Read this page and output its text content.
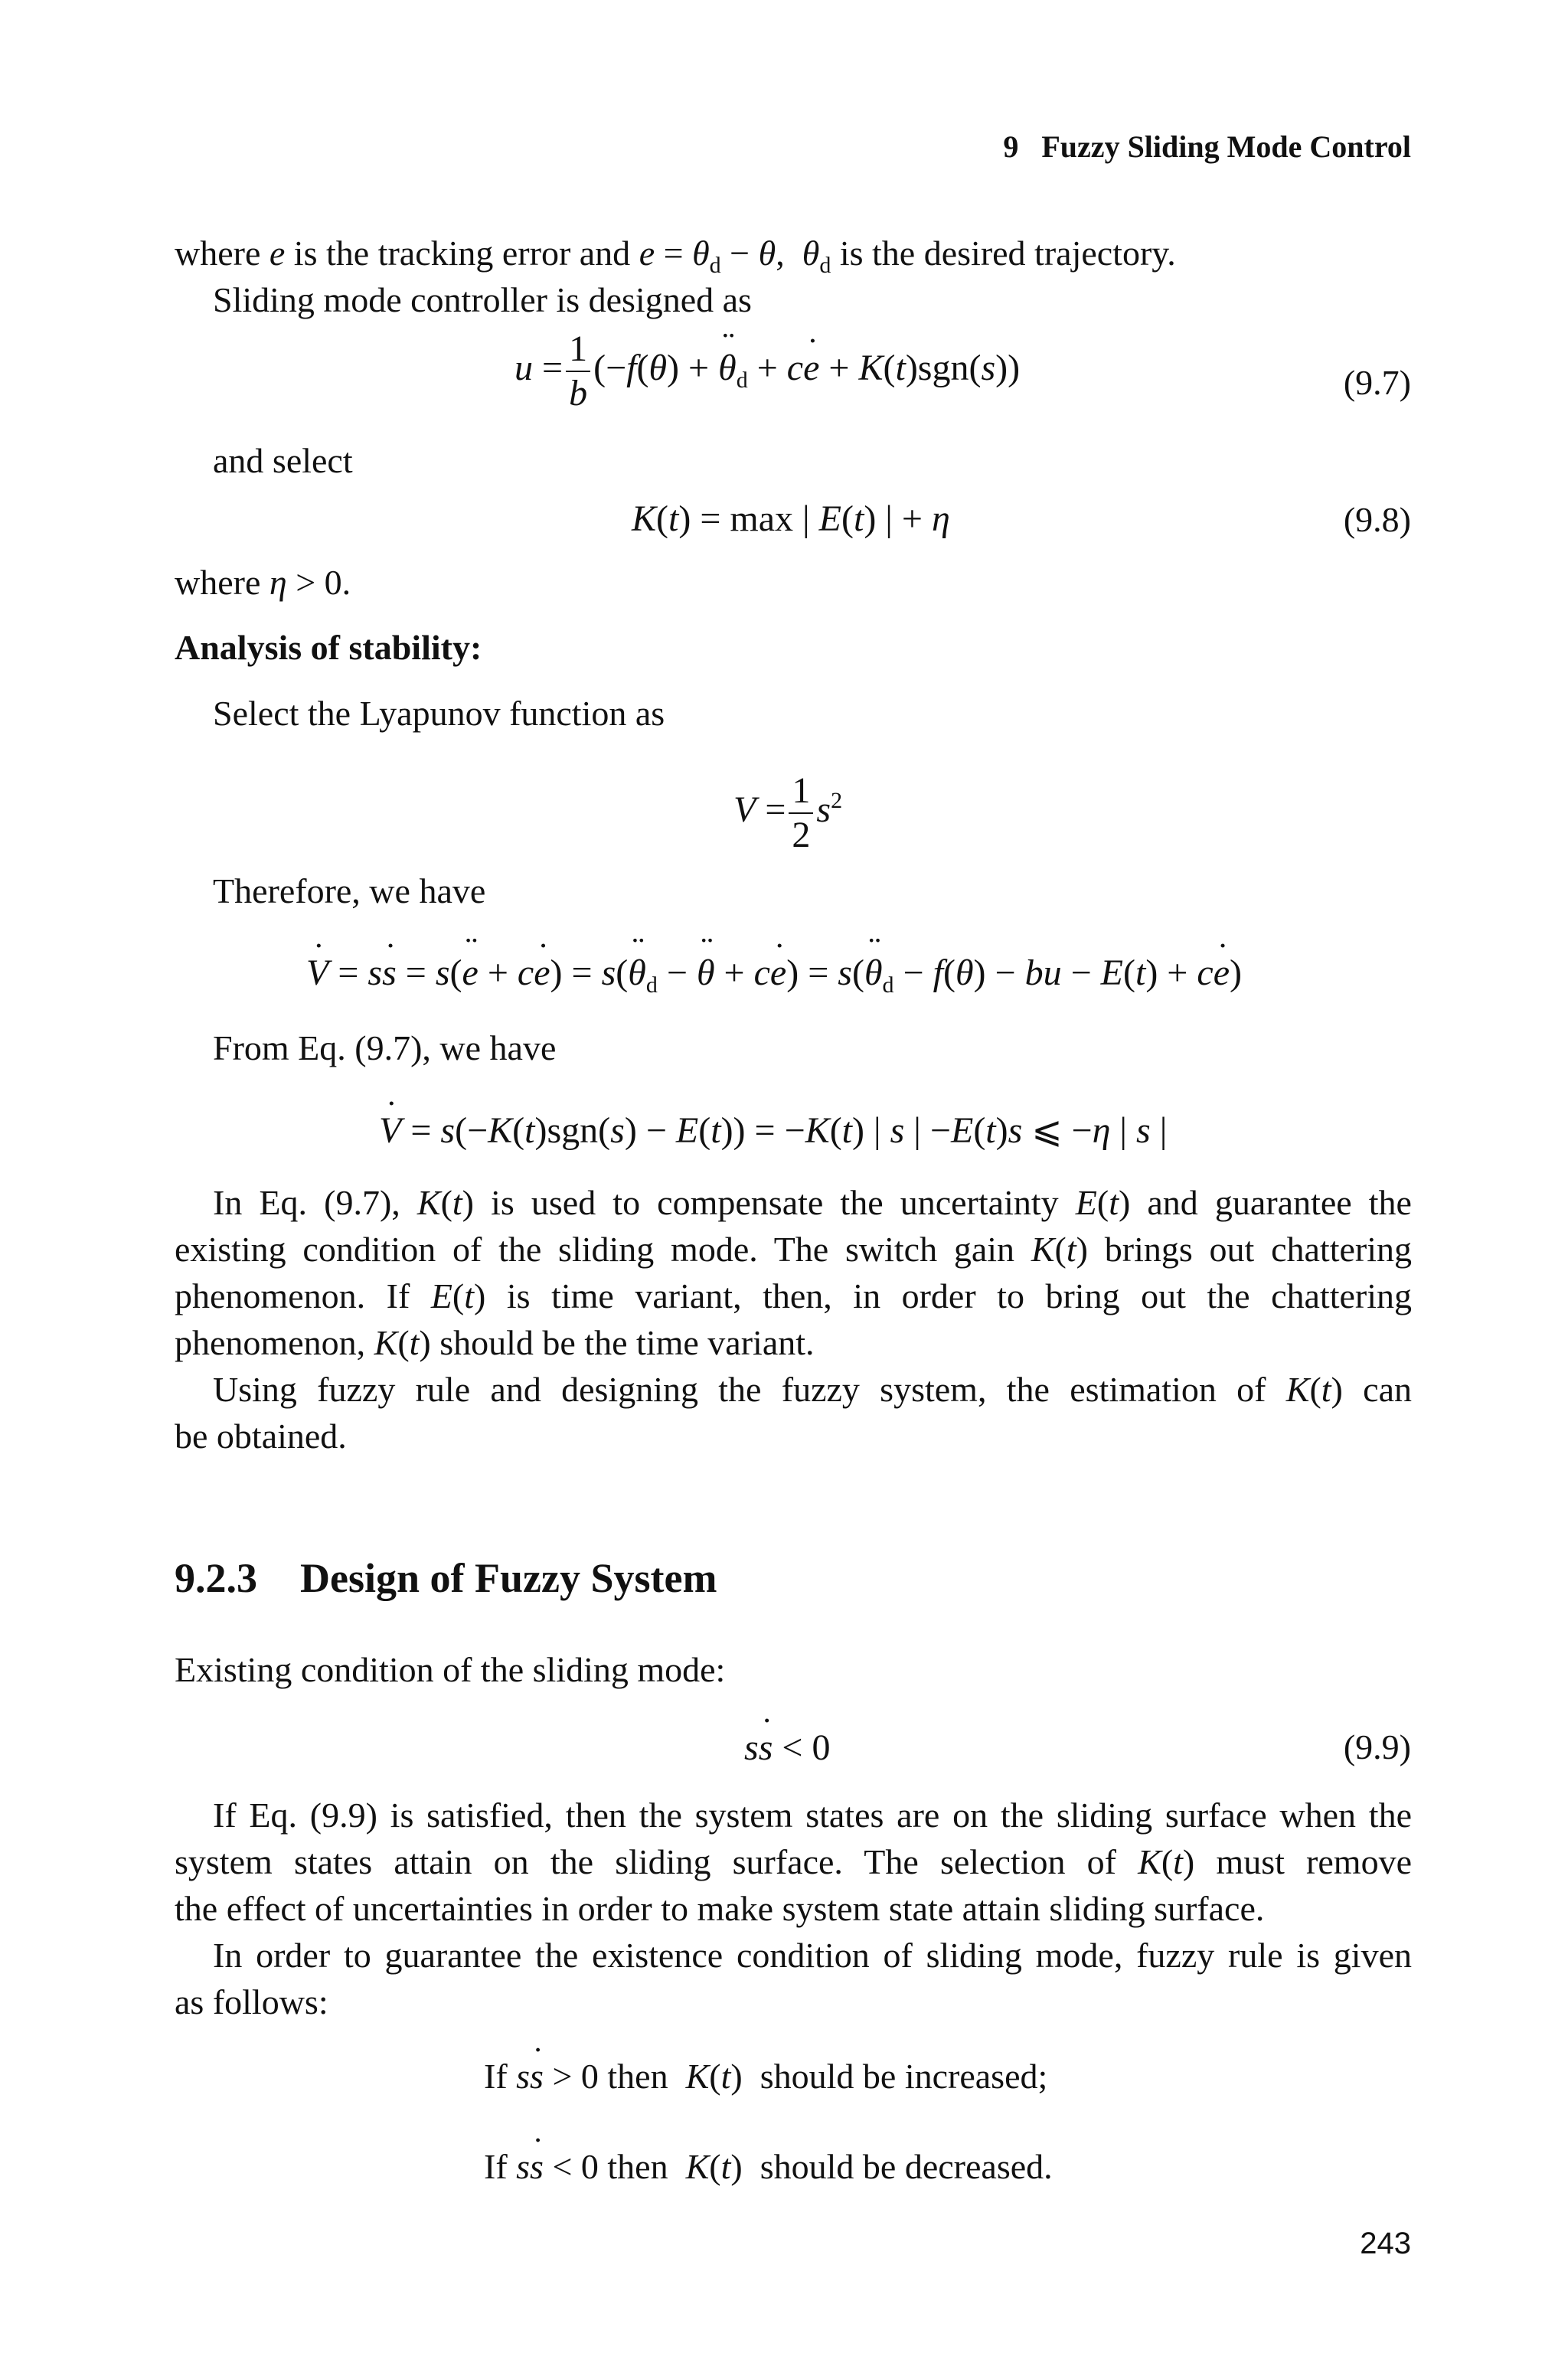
9 Fuzzy Sliding Mode Control

where e is the tracking error and $e = \theta_d - \theta$,  $\theta_d$ is the desired trajectory.

Sliding mode controller is designed as

$u = \frac{1}{b} (-f(\theta) + \theta$ $¨_d$ + ce ˙ + K(t)sgn(s))	(9.7)
and select
K(t) = max | E(t) | + η	(9.8)

where η > 0.

Analysis of stability:

Select the Lyapunov function as
$V = \frac{1}{2} s^2$
Therefore, we have
V ˙ = ss ˙ = s(e ¨ + ce ˙) = s(θ $¨_d - \theta$ ¨ + ce ˙) = s(θ $¨_d - f(\theta)$ − bu − E(t) + ce ˙)
From Eq. (9.7), we have
V ˙ = s(−K(t)sgn(s) − E(t)) = −K(t) | s | −E(t)s ⩽ −η | s |

In Eq. (9.7), K(t) is used to compensate the uncertainty E(t) and guarantee the

existing condition of the sliding mode. The switch gain K(t) brings out chattering

phenomenon. If E(t) is time variant, then, in order to bring out the chattering

phenomenon, K(t) should be the time variant.

Using fuzzy rule and designing the fuzzy system, the estimation of K(t) can

be obtained.

9.2.3 Design of Fuzzy System

Existing condition of the sliding mode:

ss ˙ < 0	(9.9)

If Eq. (9.9) is satisfied, then the system states are on the sliding surface when the

system states attain on the sliding surface. The selection of K(t) must remove

the effect of uncertainties in order to make system state attain sliding surface.

In order to guarantee the existence condition of sliding mode, fuzzy rule is given

as follows:

If ss ˙ > 0 then K(t)  should be increased;
If ss ˙ < 0 then K(t)  should be decreased.
243
